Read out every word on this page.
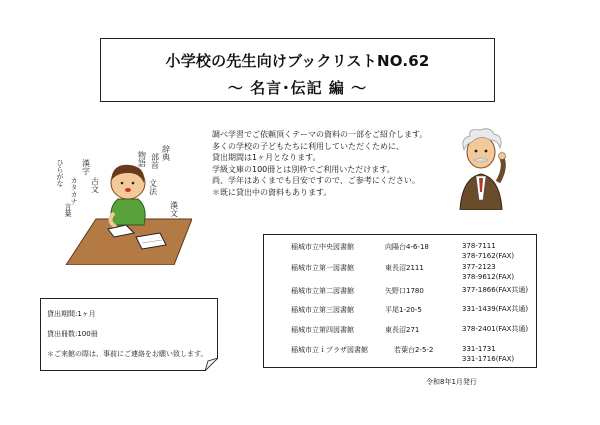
小学校の先生向けブックリストNO.62
～ 名言･伝記 編 ～

調べ学習でご依頼頂くテーマの資料の一部をご紹介します。

多くの学校の子どもたちに利用していただくために、

貸出期間は1ヶ月となります。

学級文庫の100冊とは別枠でご利用いただけます。

尚、学年はあくまでも目安ですので、ご参考にください。

＊既に貸出中の資料もあります。

辞典
部首
物語
文法
漢文
漢字
古文
カタカナ
ひらがな
言葉
稲城市立中央図書館	向陽台4-6-18	378-7111
378-7162(FAX)
稲城市立第一図書館	東長沼2111	377-2123
378-9612(FAX)
稲城市立第二図書館	矢野口1780	377-1866(FAX共通)
稲城市立第三図書館	平尾1-20-5	331-1439(FAX共通)
稲城市立第四図書館	東長沼271	378-2401(FAX共通)
稲城市立ｉプラザ図書館	若葉台2-5-2	331-1731
331-1716(FAX)
貸出期間:1ヶ月
貸出冊数:100冊
＊ご来館の際は、事前にご連絡をお願い致します。
令和8年1月発行
